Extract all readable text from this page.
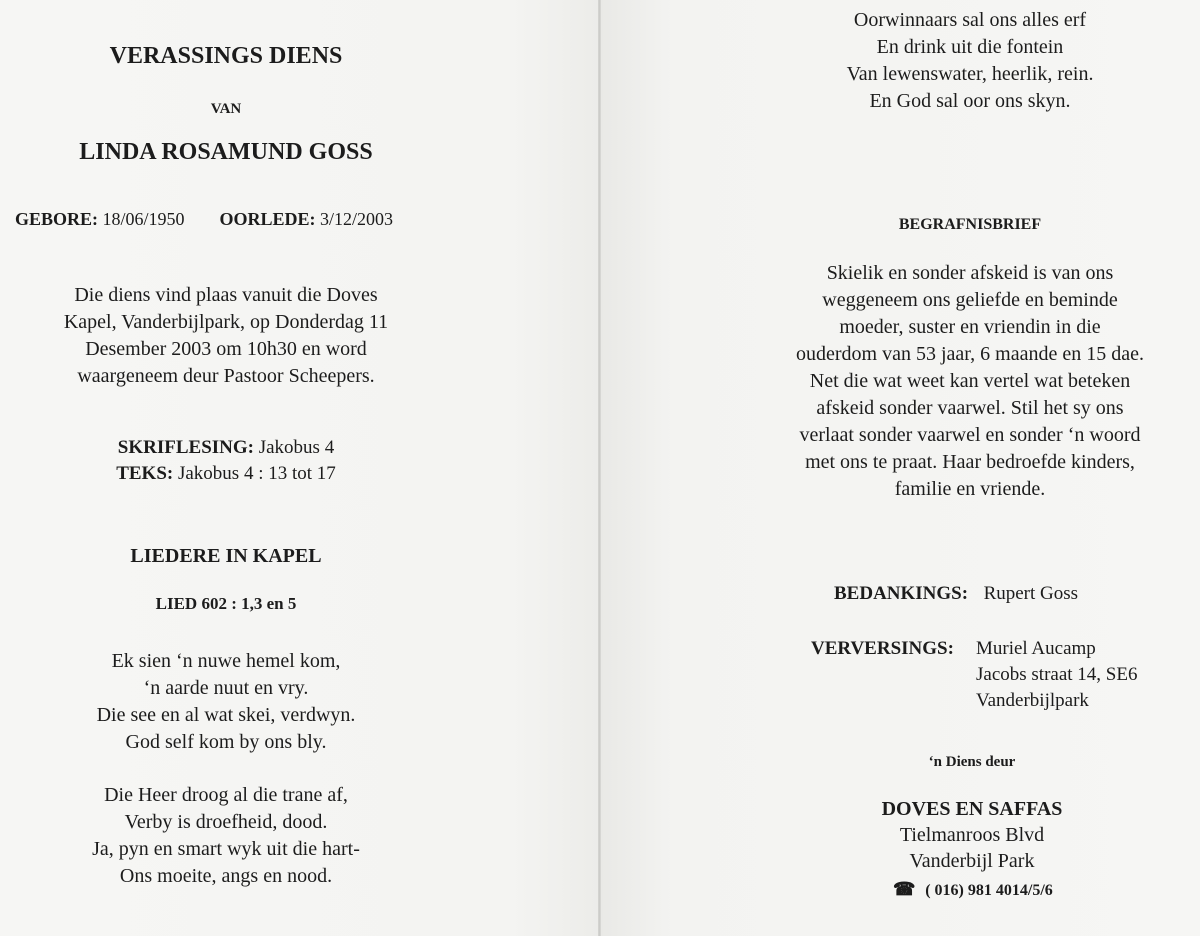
VERASSINGS DIENS
VAN
LINDA ROSAMUND GOSS
GEBORE: 18/06/1950 OORLEDE: 3/12/2003
Die diens vind plaas vanuit die Doves
Kapel, Vanderbijlpark, op Donderdag 11
Desember 2003 om 10h30 en word
waargeneem deur Pastoor Scheepers.
SKRIFLESING: Jakobus 4
TEKS: Jakobus 4 : 13 tot 17
LIEDERE IN KAPEL
LIED 602 : 1,3 en 5
Ek sien ‘n nuwe hemel kom,
‘n aarde nuut en vry.
Die see en al wat skei, verdwyn.
God self kom by ons bly.
Die Heer droog al die trane af,
Verby is droefheid, dood.
Ja, pyn en smart wyk uit die hart-
Ons moeite, angs en nood.
Oorwinnaars sal ons alles erf
En drink uit die fontein
Van lewenswater, heerlik, rein.
En God sal oor ons skyn.
BEGRAFNISBRIEF
Skielik en sonder afskeid is van ons
weggeneem ons geliefde en beminde
moeder, suster en vriendin in die
ouderdom van 53 jaar, 6 maande en 15 dae.
Net die wat weet kan vertel wat beteken
afskeid sonder vaarwel. Stil het sy ons
verlaat sonder vaarwel en sonder ‘n woord
met ons te praat. Haar bedroefde kinders,
familie en vriende.
BEDANKINGS: Rupert Goss
VERVERSINGS: Muriel Aucamp
Jacobs straat 14, SE6
Vanderbijlpark
‘n Diens deur
DOVES EN SAFFAS
Tielmanroos Blvd
Vanderbijl Park
☎ ( 016) 981 4014/5/6
